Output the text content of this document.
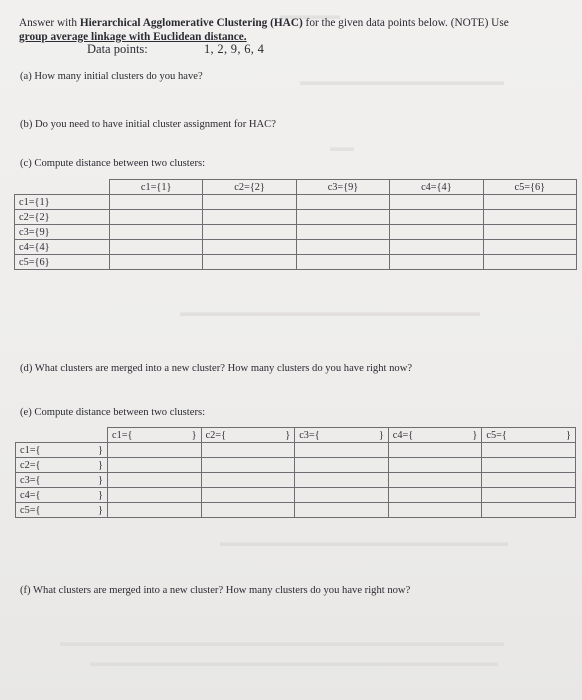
▬▬▬▬▬
▬▬▬▬▬▬▬▬▬▬▬▬▬▬▬▬▬
▬▬
▬▬▬▬▬▬▬▬▬▬▬▬▬▬▬▬▬▬▬▬▬▬▬▬▬
▬▬▬▬▬▬▬▬▬▬▬▬▬▬▬▬▬▬▬▬▬▬▬▬
▬▬▬▬▬▬▬▬▬▬▬▬▬▬▬▬▬▬▬▬▬▬▬▬▬▬▬▬▬▬▬▬▬▬▬▬▬
▬▬▬▬▬▬▬▬▬▬▬▬▬▬▬▬▬▬▬▬▬▬▬▬▬▬▬▬▬▬▬▬▬▬
Answer with Hierarchical Agglomerative Clustering (HAC) for the given data points below. (NOTE) Use
group average linkage with Euclidean distance.
Data points:	1, 2, 9, 6, 4
(a) How many initial clusters do you have?
(b) Do you need to have initial cluster assignment for HAC?
(c) Compute distance between two clusters:
	c1={1}	c2={2}	c3={9}	c4={4}	c5={6}
c1={1}					
c2={2}					
c3={9}					
c4={4}					
c5={6}					
(d) What clusters are merged into a new cluster? How many clusters do you have right now?
(e) Compute distance between two clusters:

	c1={ }	c2={ }	c3={ }	c4={ }	c5={ }

c1={ }					

c2={ }					

c3={ }					

c4={ }					

c5={ }					

(f) What clusters are merged into a new cluster? How many clusters do you have right now?
